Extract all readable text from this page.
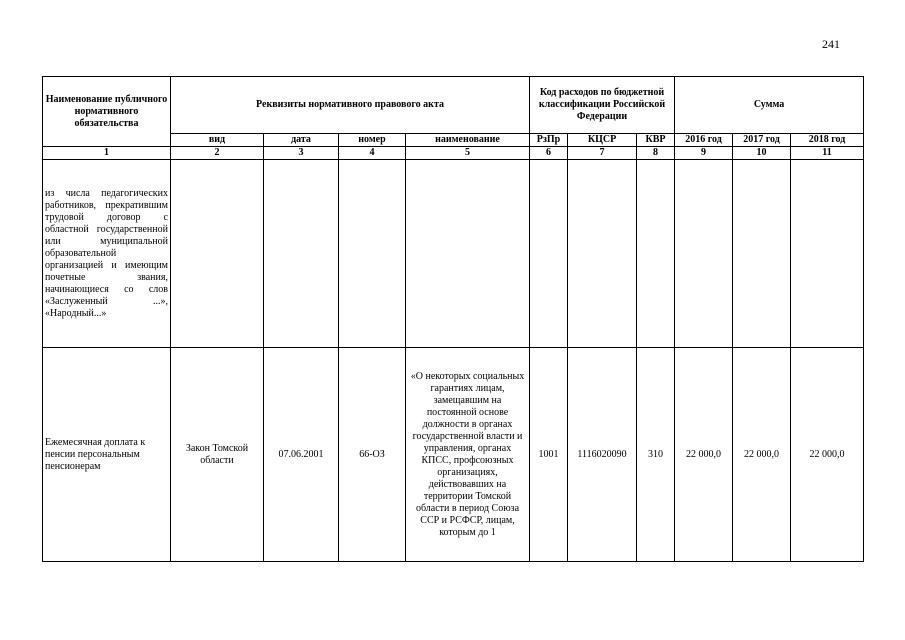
241
Наименование публичного нормативного обязательства	Реквизиты нормативного правового акта				Код расходов по бюджетной классификации Российской Федерации			Сумма		
	вид	дата	номер	наименование	РзПр	КЦСР	КВР	2016 год	2017 год	2018 год
1	2	3	4	5	6	7	8	9	10	11
из числа педагогических работников, прекратившим трудовой договор с областной государственной или муниципальной образовательной организацией и имеющим почетные звания, начинающиеся со слов «Заслуженный ...», «Народный...»										
Ежемесячная доплата к пенсии персональным пенсионерам	Закон Томской области	07.06.2001	66-ОЗ	«О некоторых социальных гарантиях лицам, замещавшим на постоянной основе должности в органах государственной власти и управления, органах КПСС, профсоюзных организациях, действовавших на территории Томской области в период Союза ССР и РСФСР, лицам, которым до 1	1001	1116020090	310	22 000,0	22 000,0	22 000,0
